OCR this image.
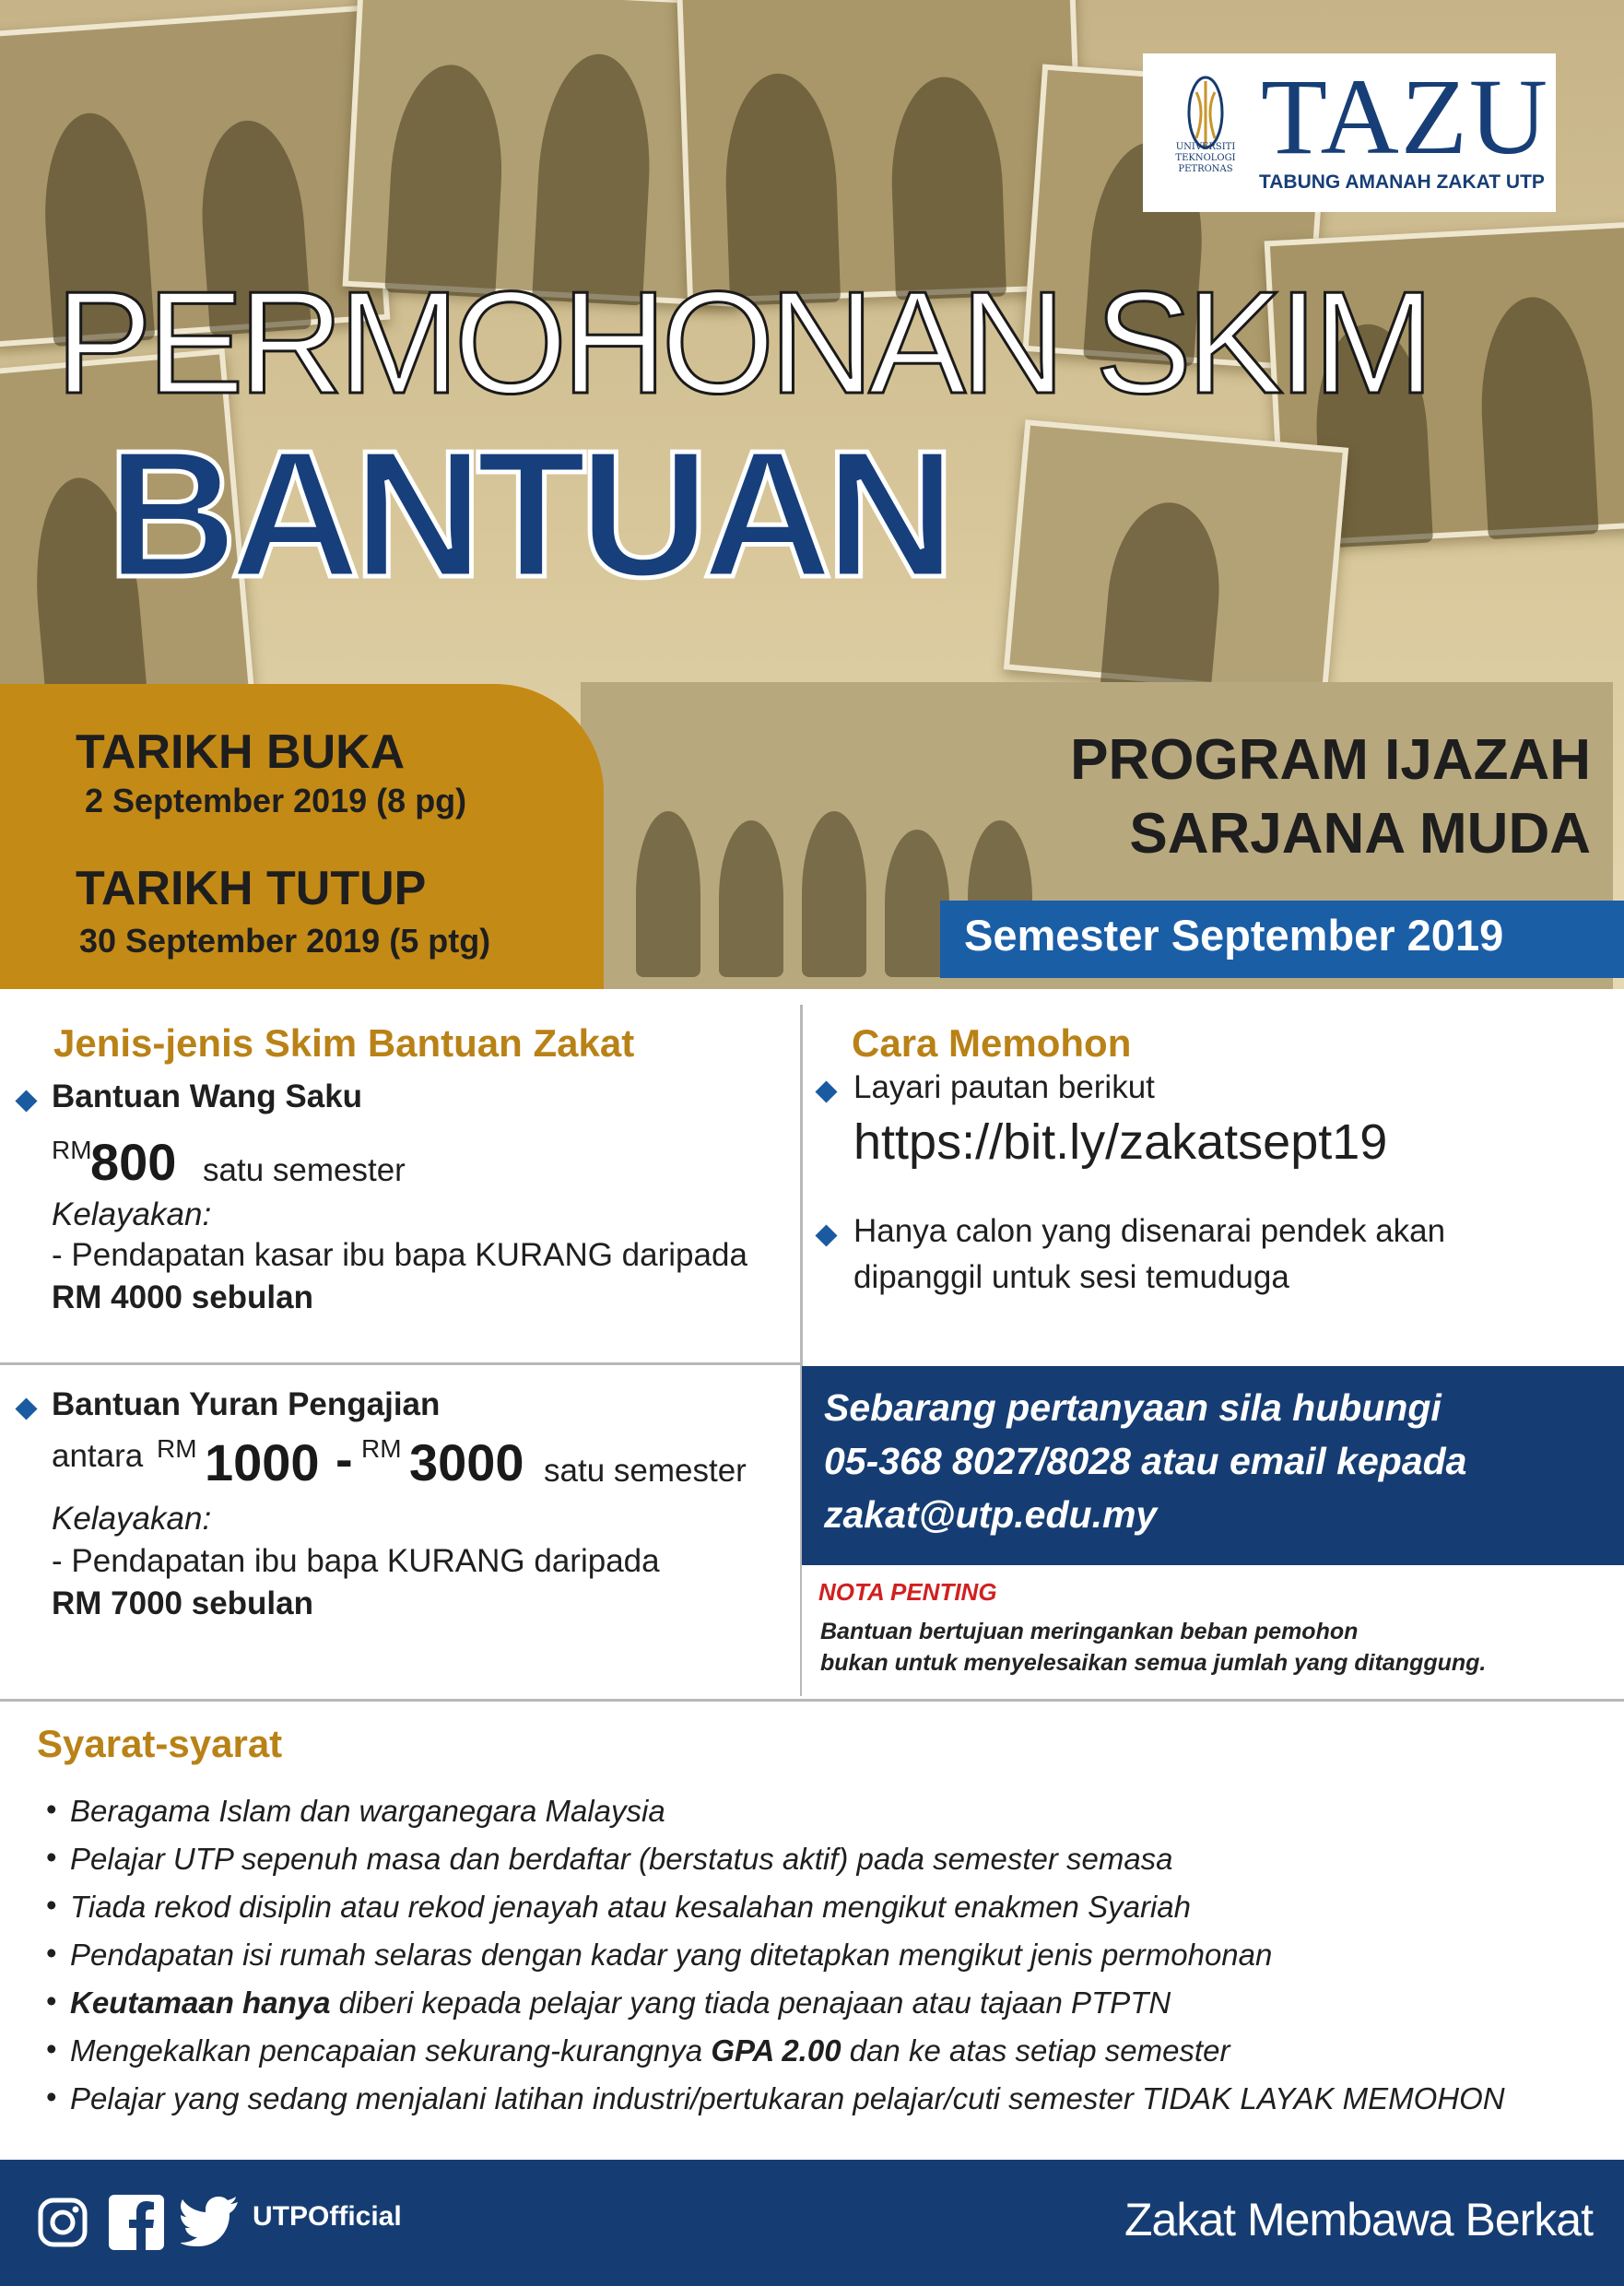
UNIVERSITI TEKNOLOGI PETRONAS TAZU
TABUNG AMANAH ZAKAT UTP
PERMOHONAN SKIM
BANTUAN
TARIKH BUKA
2 September 2019 (8 pg)
TARIKH TUTUP
30 September 2019 (5 ptg)
PROGRAM IJAZAH
SARJANA MUDA
Semester September 2019
Jenis-jenis Skim Bantuan Zakat
Bantuan Wang Saku
RM
800 satu semester
Kelayakan:
- Pendapatan kasar ibu bapa KURANG daripada
RM 4000 sebulan
Bantuan Yuran Pengajian
antara RM 1000 - RM 3000 satu semester
Kelayakan:
- Pendapatan ibu bapa KURANG daripada
RM 7000 sebulan
Cara Memohon
Layari pautan berikut
https://bit.ly/zakatsept19
Hanya calon yang disenarai pendek akan
dipanggil untuk sesi temuduga
Sebarang pertanyaan sila hubungi
05-368 8027/8028 atau email kepada
zakat@utp.edu.my
NOTA PENTING
Bantuan bertujuan meringankan beban pemohon
bukan untuk menyelesaikan semua jumlah yang ditanggung.
Syarat-syarat
• Beragama Islam dan warganegara Malaysia
• Pelajar UTP sepenuh masa dan berdaftar (berstatus aktif) pada semester semasa
• Tiada rekod disiplin atau rekod jenayah atau kesalahan mengikut enakmen Syariah
• Pendapatan isi rumah selaras dengan kadar yang ditetapkan mengikut jenis permohonan
• Keutamaan hanya diberi kepada pelajar yang tiada penajaan atau tajaan PTPTN
• Mengekalkan pencapaian sekurang-kurangnya GPA 2.00 dan ke atas setiap semester
• Pelajar yang sedang menjalani latihan industri/pertukaran pelajar/cuti semester TIDAK LAYAK MEMOHON
UTPOfficial	Zakat Membawa Berkat
